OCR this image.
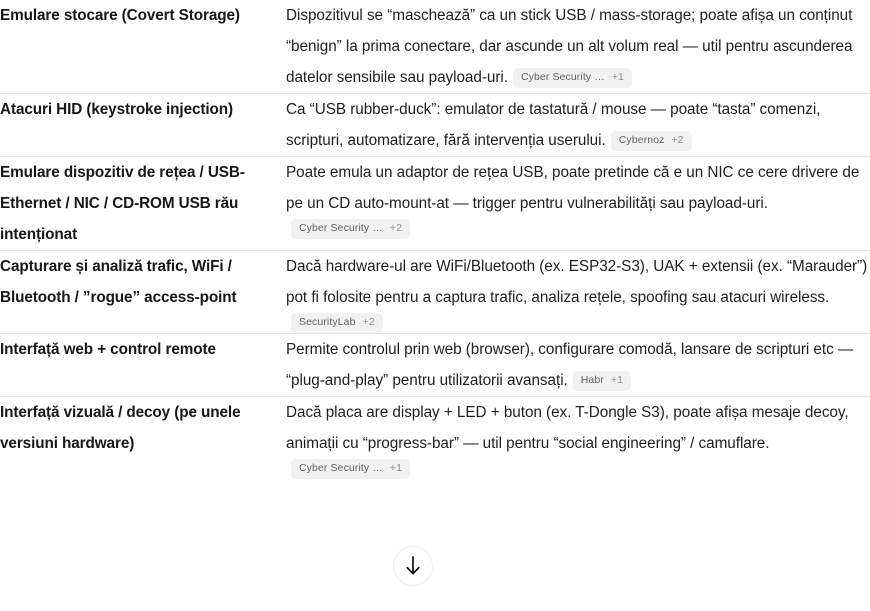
Emulare stocare (Covert Storage)	Dispozitivul se “maschează” ca un stick USB / mass-storage; poate afișa un conținut “benign” la prima conectare, dar ascunde un alt volum real — util pentru ascunderea datelor sensibile sau payload-uri. Cyber Security … +1

Atacuri HID (keystroke injection)	Ca “USB rubber-duck”: emulator de tastatură / mouse — poate “tasta” comenzi, scripturi, automatizare, fără intervenția userului. Cybernoz +2

Emulare dispozitiv de rețea / USB-Ethernet / NIC / CD-ROM USB rău intenționat	Poate emula un adaptor de rețea USB, poate pretinde că e un NIC ce cere drivere de pe un CD auto-mount-at — trigger pentru vulnerabilități sau payload-uri.Cyber Security … +2

Capturare și analiză trafic, WiFi / Bluetooth / ”rogue” access-point	Dacă hardware-ul are WiFi/Bluetooth (ex. ESP32-S3), UAK + extensii (ex. “Marauder”) pot fi folosite pentru a captura trafic, analiza rețele, spoofing sau atacuri wireless.SecurityLab +2

Interfață web + control remote	Permite controlul prin web (browser), configurare comodă, lansare de scripturi etc — “plug-and-play” pentru utilizatorii avansați. Habr +1

Interfață vizuală / decoy (pe unele versiuni hardware)	Dacă placa are display + LED + buton (ex. T-Dongle S3), poate afișa mesaje decoy, animații cu “progress-bar” — util pentru “social engineering” / camuflare.Cyber Security … +1
